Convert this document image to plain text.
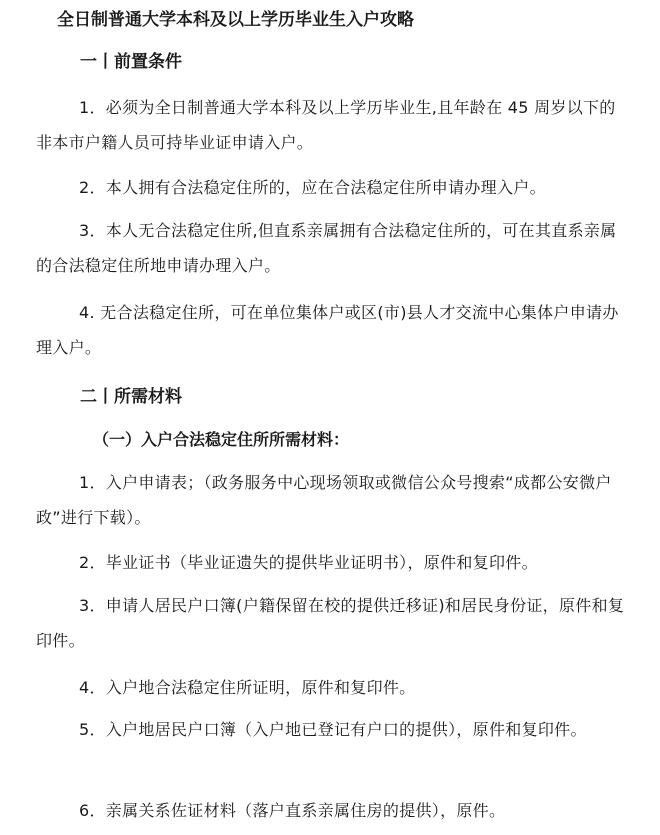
全日制普通大学本科及以上学历毕业生入户攻略
一丨前置条件

1．必须为全日制普通大学本科及以上学历毕业生,且年龄在 45 周岁以下的非本市户籍人员可持毕业证申请入户。

2．本人拥有合法稳定住所的，应在合法稳定住所申请办理入户。

3．本人无合法稳定住所,但直系亲属拥有合法稳定住所的，可在其直系亲属的合法稳定住所地申请办理入户。

4. 无合法稳定住所，可在单位集体户或区(市)县人才交流中心集体户申请办理入户。

二丨所需材料
（一）入户合法稳定住所所需材料：

1．入户申请表；（政务服务中心现场领取或微信公众号搜索“成都公安微户政”进行下载）。

2．毕业证书（毕业证遗失的提供毕业证明书），原件和复印件。

3．申请人居民户口簿(户籍保留在校的提供迁移证)和居民身份证，原件和复印件。

4．入户地合法稳定住所证明，原件和复印件。

5．入户地居民户口簿（入户地已登记有户口的提供），原件和复印件。

6．亲属关系佐证材料（落户直系亲属住房的提供），原件。
